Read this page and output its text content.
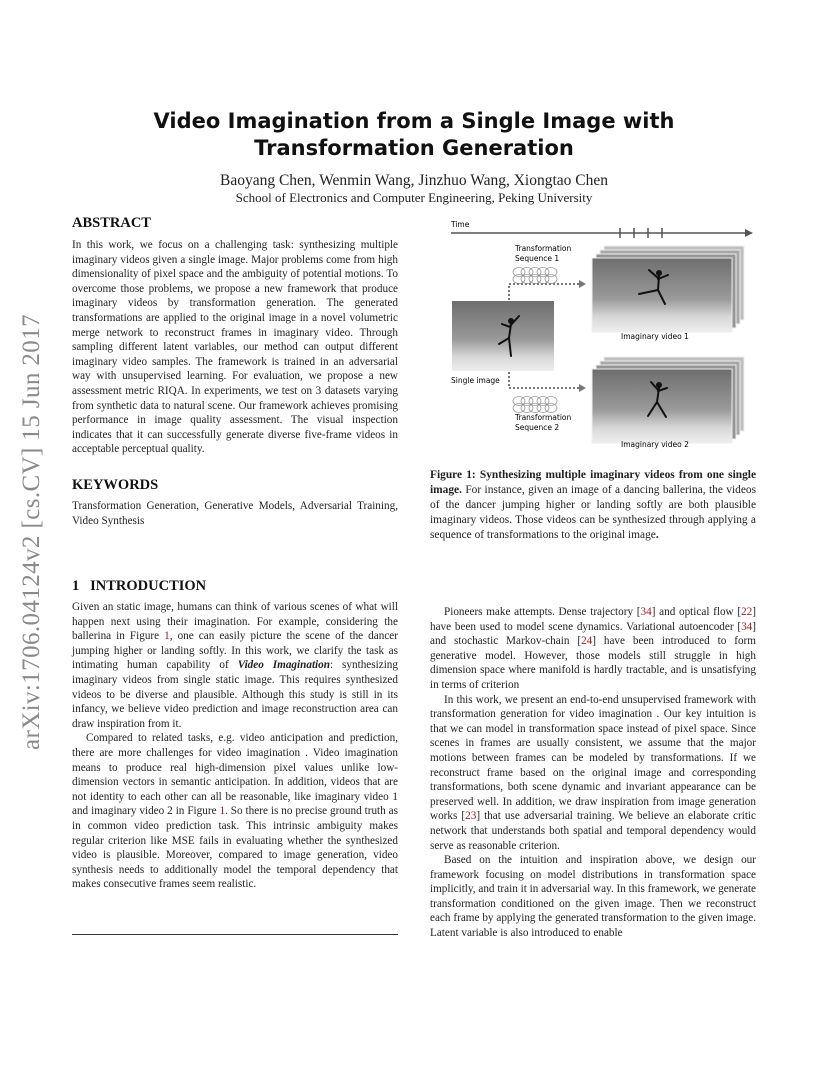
arXiv:1706.04124v2 [cs.CV] 15 Jun 2017
Video Imagination from a Single Image with Transformation Generation
Baoyang Chen, Wenmin Wang, Jinzhuo Wang, Xiongtao Chen
School of Electronics and Computer Engineering, Peking University
ABSTRACT

In this work, we focus on a challenging task: synthesizing multiple imaginary videos given a single image. Major problems come from high dimensionality of pixel space and the ambiguity of potential motions. To overcome those problems, we propose a new framework that produce imaginary videos by transformation generation. The generated transformations are applied to the original image in a novel volumetric merge network to reconstruct frames in imaginary video. Through sampling different latent variables, our method can output different imaginary video samples. The framework is trained in an adversarial way with unsupervised learning. For evaluation, we propose a new assessment metric RIQA. In experiments, we test on 3 datasets varying from synthetic data to natural scene. Our framework achieves promising performance in image quality assessment. The visual inspection indicates that it can successfully generate diverse five-frame videos in acceptable perceptual quality.

KEYWORDS

Transformation Generation, Generative Models, Adversarial Training, Video Synthesis

1 INTRODUCTION

Given an static image, humans can think of various scenes of what will happen next using their imagination. For example, considering the ballerina in Figure 1, one can easily picture the scene of the dancer jumping higher or landing softly. In this work, we clarify the task as intimating human capability of Video Imagination: synthesizing imaginary videos from single static image. This requires synthesized videos to be diverse and plausible. Although this study is still in its infancy, we believe video prediction and image reconstruction area can draw inspiration from it.

Compared to related tasks, e.g. video anticipation and prediction, there are more challenges for video imagination . Video imagination means to produce real high-dimension pixel values unlike low-dimension vectors in semantic anticipation. In addition, videos that are not identity to each other can all be reasonable, like imaginary video 1 and imaginary video 2 in Figure 1. So there is no precise ground truth as in common video prediction task. This intrinsic ambiguity makes regular criterion like MSE fails in evaluating whether the synthesized video is plausible. Moreover, compared to image generation, video synthesis needs to additionally model the temporal dependency that makes consecutive frames seem realistic.

Pioneers make attempts. Dense trajectory [34] and optical flow [22] have been used to model scene dynamics. Variational autoencoder [34] and stochastic Markov-chain [24] have been introduced to form generative model. However, those models still struggle in high dimension space where manifold is hardly tractable, and is unsatisfying in terms of criterion

In this work, we present an end-to-end unsupervised framework with transformation generation for video imagination . Our key intuition is that we can model in transformation space instead of pixel space. Since scenes in frames are usually consistent, we assume that the major motions between frames can be modeled by transformations. If we reconstruct frame based on the original image and corresponding transformations, both scene dynamic and invariant appearance can be preserved well. In addition, we draw inspiration from image generation works [23] that use adversarial training. We believe an elaborate critic network that understands both spatial and temporal dependency would serve as reasonable criterion.

Based on the intuition and inspiration above, we design our framework focusing on model distributions in transformation space implicitly, and train it in adversarial way. In this framework, we generate transformation conditioned on the given image. Then we reconstruct each frame by applying the generated transformation to the given image. Latent variable is also introduced to enable

Time
Transformation
Sequence 1
Single image
Imaginary video 1
Transformation
Sequence 2
Imaginary video 2

Figure 1: Synthesizing multiple imaginary videos from one single image. For instance, given an image of a dancing ballerina, the videos of the dancer jumping higher or landing softly are both plausible imaginary videos. Those videos can be synthesized through applying a sequence of transformations to the original image.
